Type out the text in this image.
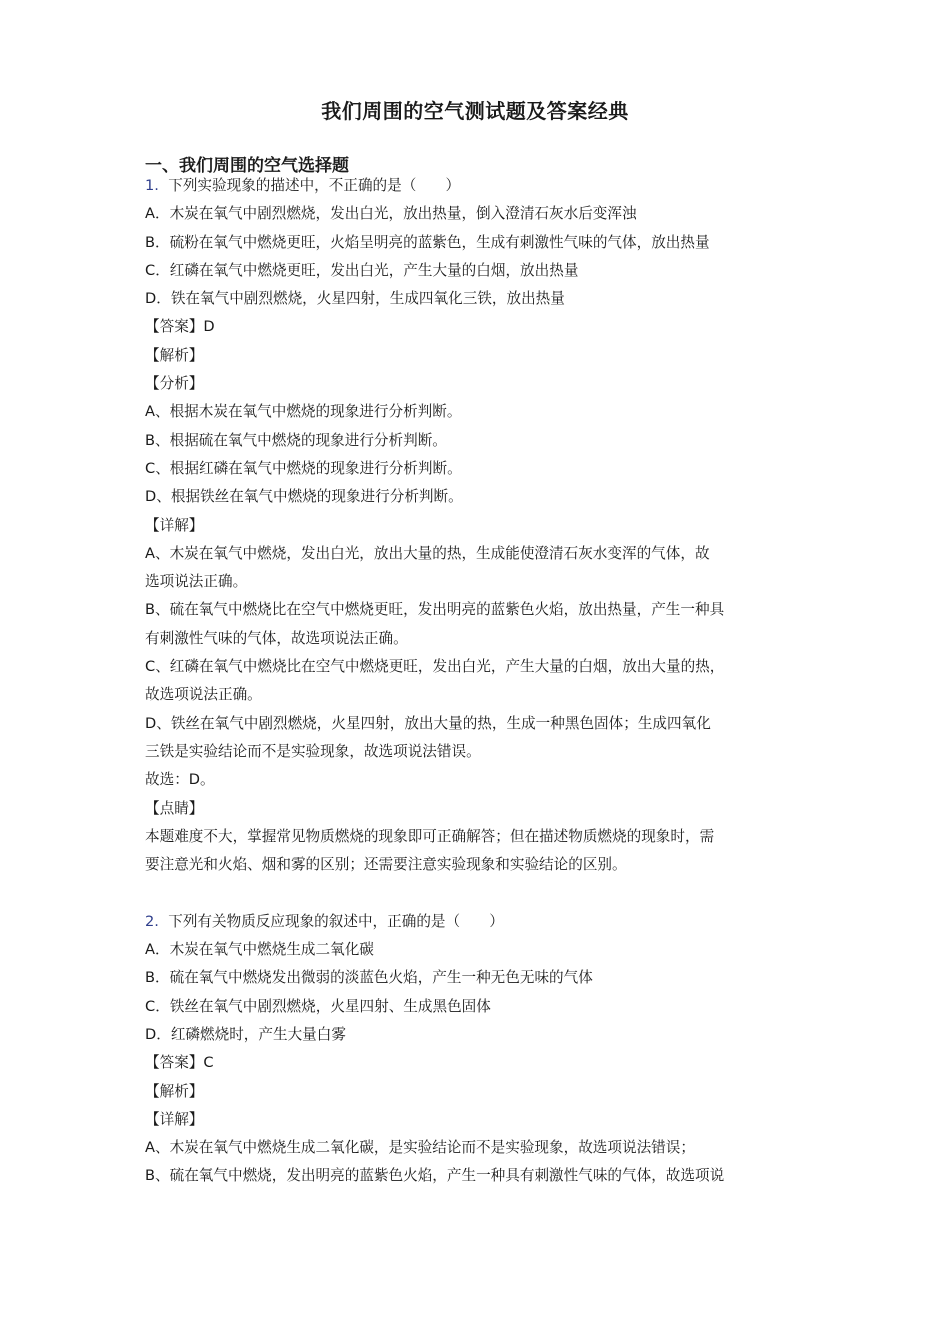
我们周围的空气测试题及答案经典
一、我们周围的空气选择题
1. 下列实验现象的描述中，不正确的是（　　）
A．木炭在氧气中剧烈燃烧，发出白光，放出热量，倒入澄清石灰水后变浑浊
B．硫粉在氧气中燃烧更旺，火焰呈明亮的蓝紫色，生成有刺激性气味的气体，放出热量
C．红磷在氧气中燃烧更旺，发出白光，产生大量的白烟，放出热量
D．铁在氧气中剧烈燃烧，火星四射，生成四氧化三铁，放出热量
【答案】D
【解析】
【分析】
A、根据木炭在氧气中燃烧的现象进行分析判断。
B、根据硫在氧气中燃烧的现象进行分析判断。
C、根据红磷在氧气中燃烧的现象进行分析判断。
D、根据铁丝在氧气中燃烧的现象进行分析判断。
【详解】
A、木炭在氧气中燃烧，发出白光，放出大量的热，生成能使澄清石灰水变浑的气体，故
选项说法正确。
B、硫在氧气中燃烧比在空气中燃烧更旺，发出明亮的蓝紫色火焰，放出热量，产生一种具
有刺激性气味的气体，故选项说法正确。
C、红磷在氧气中燃烧比在空气中燃烧更旺，发出白光，产生大量的白烟，放出大量的热，
故选项说法正确。
D、铁丝在氧气中剧烈燃烧，火星四射，放出大量的热，生成一种黑色固体；生成四氧化
三铁是实验结论而不是实验现象，故选项说法错误。
故选：D。
【点睛】
本题难度不大，掌握常见物质燃烧的现象即可正确解答；但在描述物质燃烧的现象时，需
要注意光和火焰、烟和雾的区别；还需要注意实验现象和实验结论的区别。
2. 下列有关物质反应现象的叙述中，正确的是（　　）
A．木炭在氧气中燃烧生成二氧化碳
B．硫在氧气中燃烧发出微弱的淡蓝色火焰，产生一种无色无味的气体
C．铁丝在氧气中剧烈燃烧，火星四射、生成黑色固体
D．红磷燃烧时，产生大量白雾
【答案】C
【解析】
【详解】
A、木炭在氧气中燃烧生成二氧化碳，是实验结论而不是实验现象，故选项说法错误；
B、硫在氧气中燃烧，发出明亮的蓝紫色火焰，产生一种具有刺激性气味的气体，故选项说
